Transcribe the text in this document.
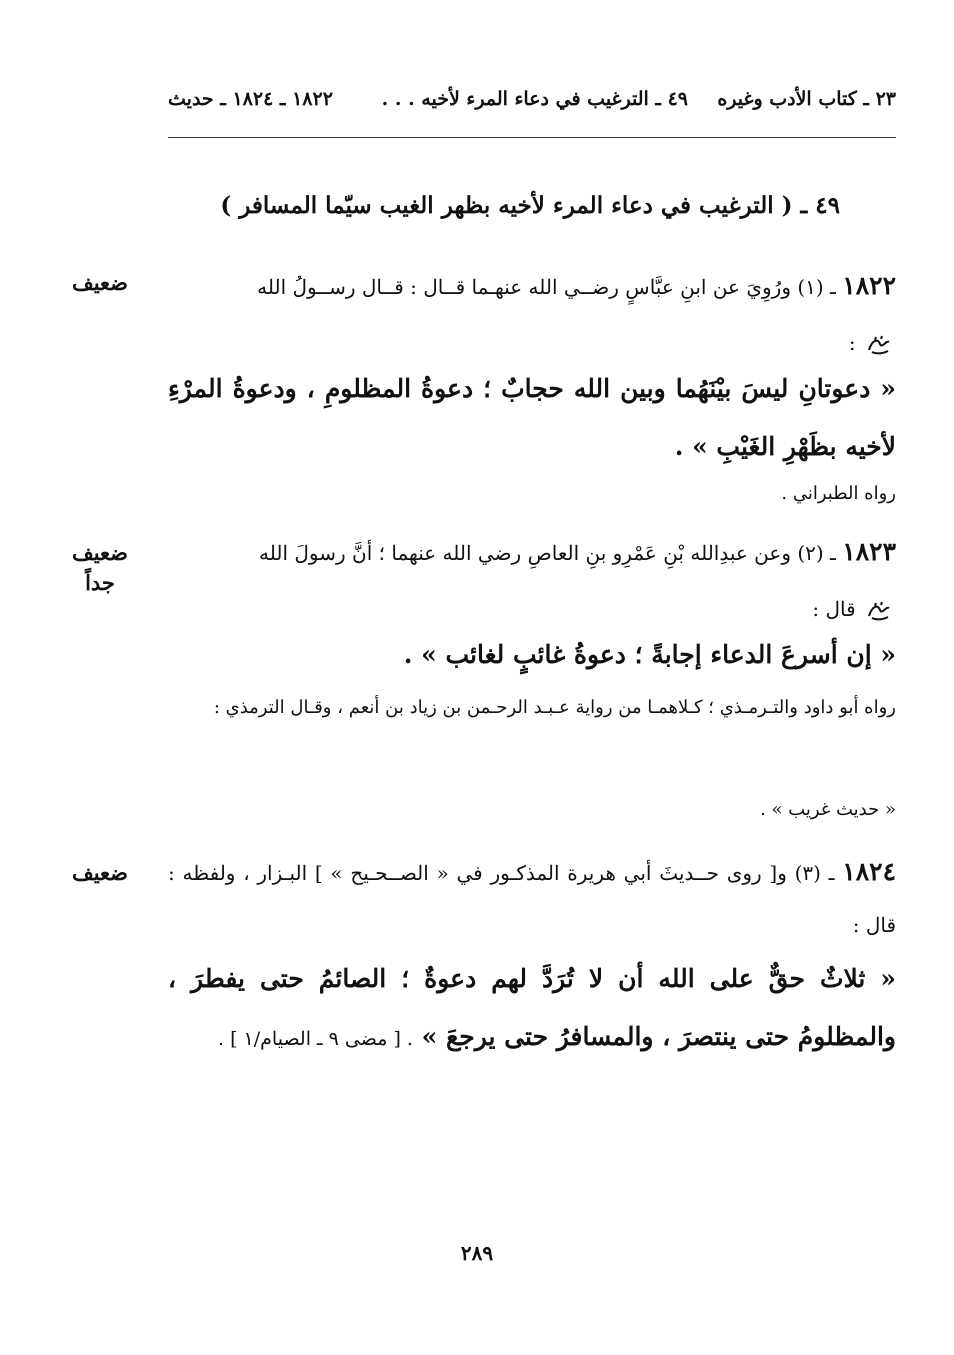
٢٣ ـ كتاب الأدب وغيره
٤٩ ـ الترغيب في دعاء المرء لأخيه . . .
١٨٢٢ ـ ١٨٢٤ ـ حديث
٤٩ ـ ( الترغيب في دعاء المرء لأخيه بظهر الغيب سيّما المسافر )
ضعيف	١٨٢٢ ـ (١) ورُوِيَ عن ابنِ عبَّاسٍ رضــي الله عنهـما قــال : قــال رســولُ الله
:
« دعوتانِ ليسَ بيْنَهُما وبين الله حجابٌ ؛ دعوةُ المظلومِ ، ودعوةُ المرْءِ لأخيه بظَهْرِ الغَيْبِ » .
رواه الطبراني .
ضعيف جداً
١٨٢٣ ـ (٢) وعن عبدِالله بْنِ عَمْرِو بنِ العاصِ رضي الله عنهما ؛ أنَّ رسولَ الله
قال :
« إن أسرعَ الدعاء إجابةً ؛ دعوةُ غائبٍ لغائب » .
رواه أبو داود والتـرمـذي ؛ كـلاهمـا من رواية عـبـد الرحـمن بن زياد بن أنعم ، وقـال الترمذي :
« حديث غريب » .
ضعيف	١٨٢٤ ـ (٣) و[ روى حــديثَ أبي هريرة المذكـور في « الصــحـيح » ] البـزار ، ولفظه : قال :
« ثلاثٌ حقٌّ على الله أن لا تُرَدَّ لهم دعوةٌ ؛ الصائمُ حتى يفطرَ ، والمظلومُ حتى ينتصرَ ، والمسافرُ حتى يرجعَ » . [ مضى ٩ ـ الصيام/١ ] .
٢٨٩
